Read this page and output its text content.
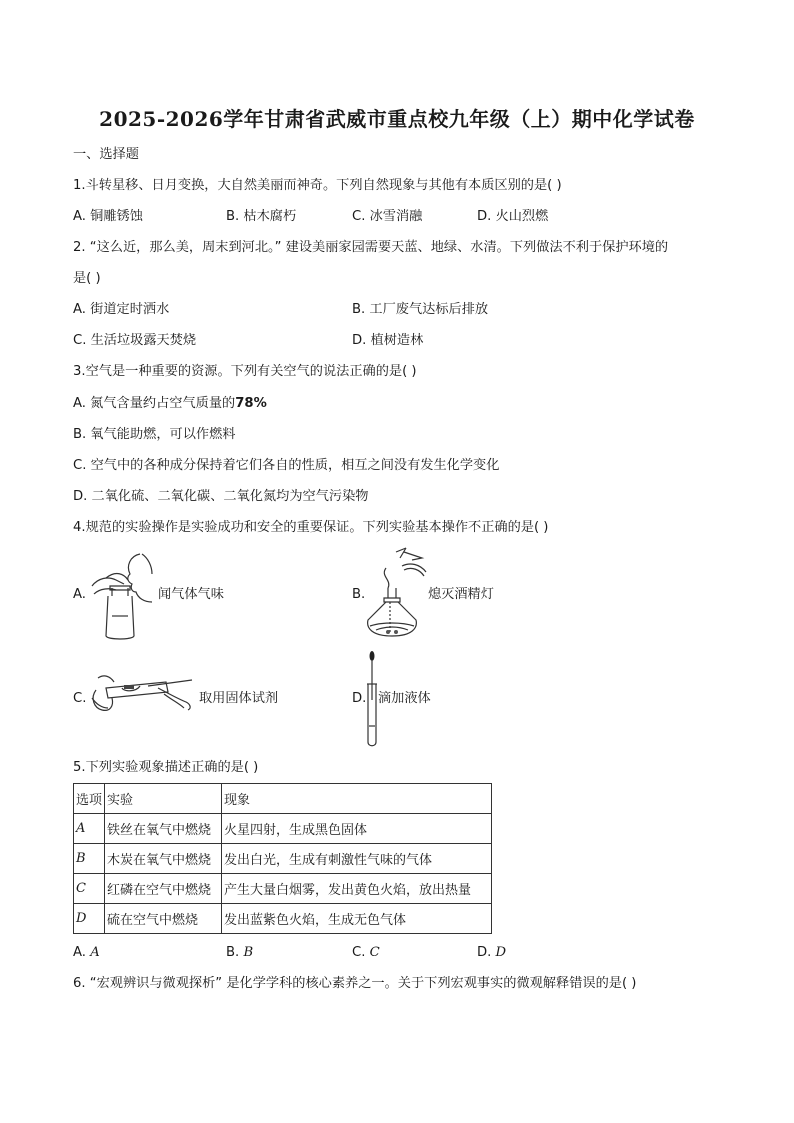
2025-2026学年甘肃省武威市重点校九年级（上）期中化学试卷
一、选择题
1.斗转星移、日月变换，大自然美丽而神奇。下列自然现象与其他有本质区别的是( )
A. 铜雕锈蚀	B. 枯木腐朽	C. 冰雪消融	D. 火山烈燃
2. “这么近，那么美，周末到河北。” 建设美丽家园需要天蓝、地绿、水清。下列做法不利于保护环境的
是( )
A. 街道定时洒水	B. 工厂废气达标后排放
C. 生活垃圾露天焚烧	D. 植树造林
3.空气是一种重要的资源。下列有关空气的说法正确的是( )
A. 氮气含量约占空气质量的78%
B. 氧气能助燃，可以作燃料
C. 空气中的各种成分保持着它们各自的性质，相互之间没有发生化学变化
D. 二氧化硫、二氧化碳、二氧化氮均为空气污染物
4.规范的实验操作是实验成功和安全的重要保证。下列实验基本操作不正确的是( )
A.	闻气体气味	B.	熄灭酒精灯
C.	取用固体试剂	D. 滴加液体
5.下列实验观象描述正确的是( )
选项	实验	现象
A	铁丝在氧气中燃烧	火星四射，生成黑色固体
B	木炭在氧气中燃烧	发出白光，生成有刺激性气味的气体
C	红磷在空气中燃烧	产生大量白烟雾，发出黄色火焰，放出热量
D	硫在空气中燃烧	发出蓝紫色火焰，生成无色气体
A. A	B. B	C. C	D. D
6. “宏观辨识与微观探析” 是化学学科的核心素养之一。关于下列宏观事实的微观解释错误的是( )
